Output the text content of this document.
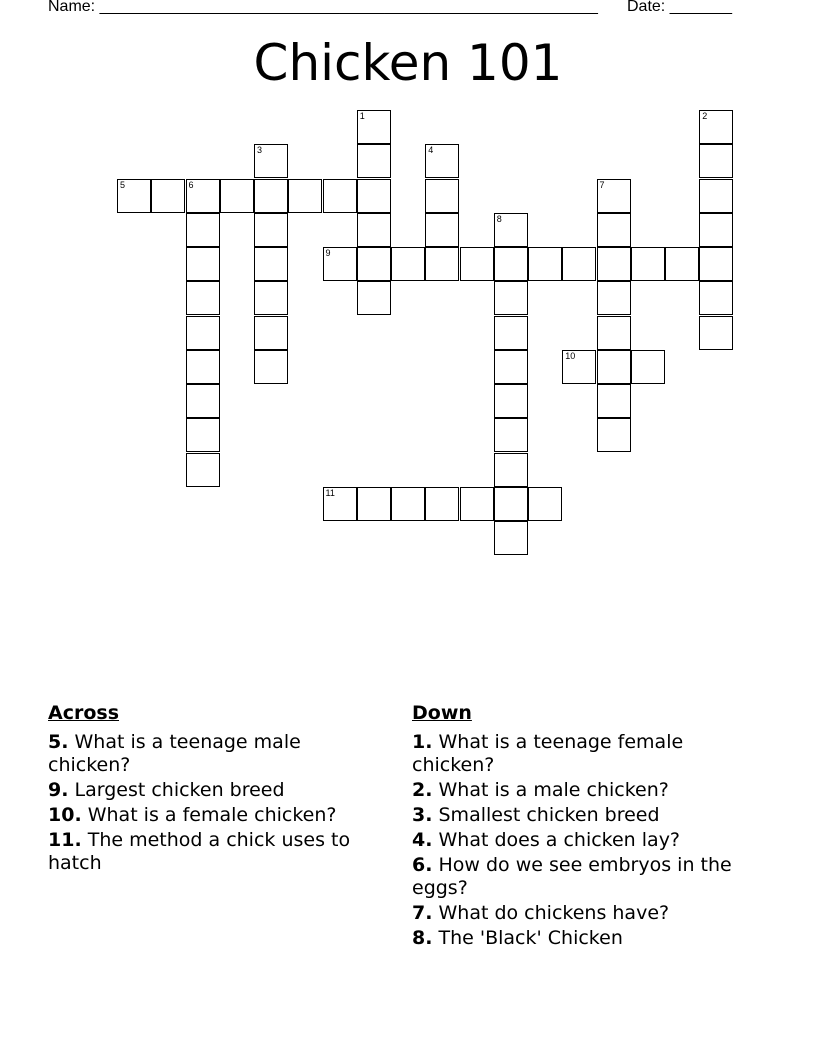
Name: ________________________________________________________ Date: _______
Chicken 101
1	2
3	4
5	6	7
8
9
10
11
Across
5. What is a teenage male chicken?
9. Largest chicken breed
10. What is a female chicken?
11. The method a chick uses to hatch
Down
1. What is a teenage female chicken?
2. What is a male chicken?
3. Smallest chicken breed
4. What does a chicken lay?
6. How do we see embryos in the eggs?
7. What do chickens have?
8. The 'Black' Chicken
